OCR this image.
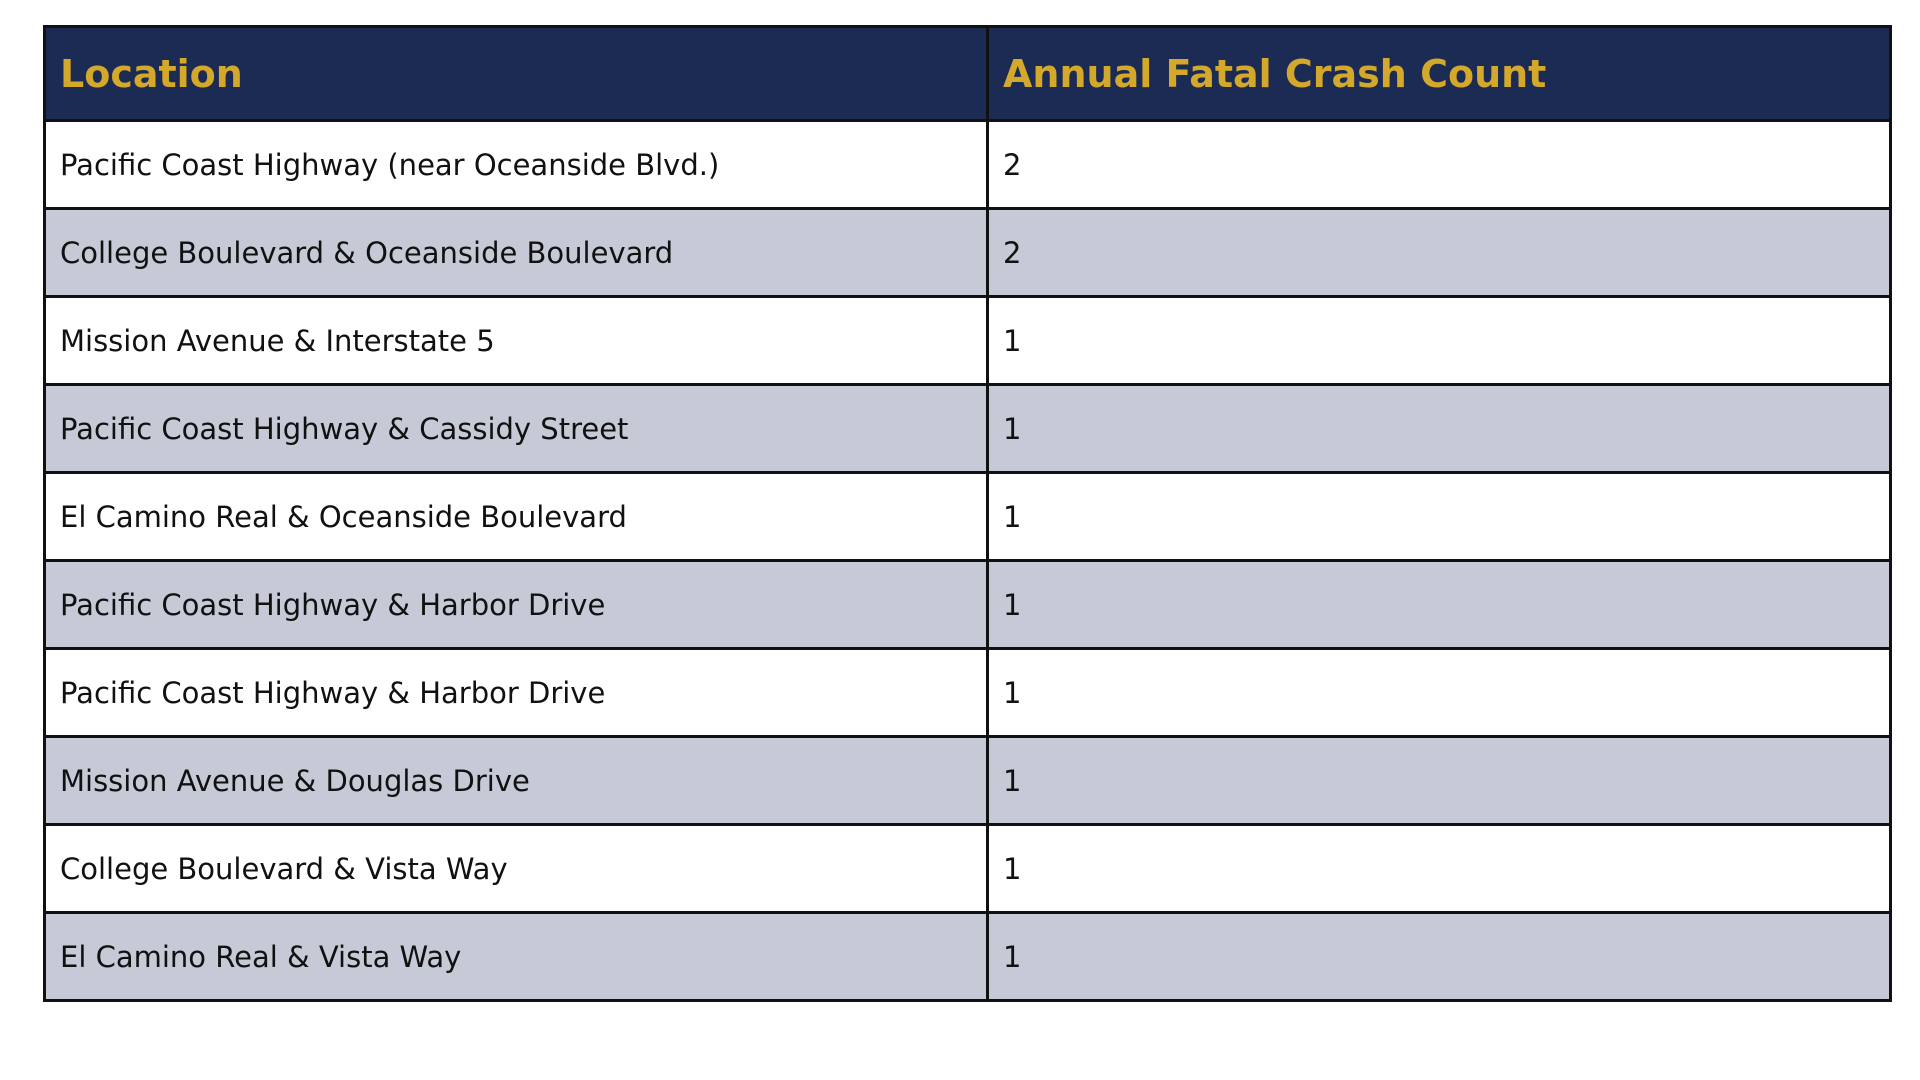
Location	Annual Fatal Crash Count
Pacific Coast Highway (near Oceanside Blvd.)	2
College Boulevard & Oceanside Boulevard	2
Mission Avenue & Interstate 5	1
Pacific Coast Highway & Cassidy Street	1
El Camino Real & Oceanside Boulevard	1
Pacific Coast Highway & Harbor Drive	1
Pacific Coast Highway & Harbor Drive	1
Mission Avenue & Douglas Drive	1
College Boulevard & Vista Way	1
El Camino Real & Vista Way	1
